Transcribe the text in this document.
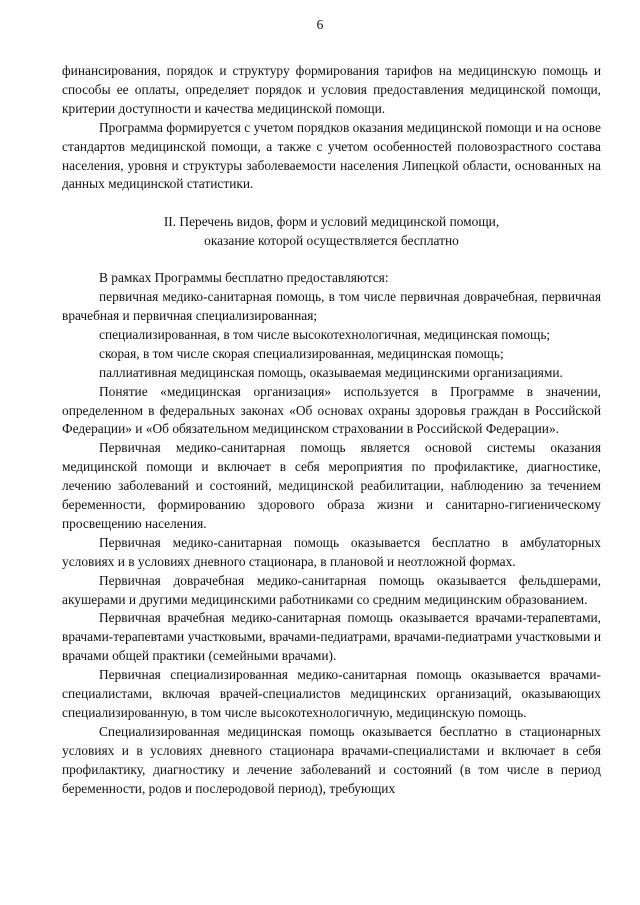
6

финансирования, порядок и структуру формирования тарифов на медицинскую помощь и способы ее оплаты, определяет порядок и условия предоставления медицинской помощи, критерии доступности и качества медицинской помощи.

Программа формируется с учетом порядков оказания медицинской помощи и на основе стандартов медицинской помощи, а также с учетом особенностей половозрастного состава населения, уровня и структуры заболеваемости населения Липецкой области, основанных на данных медицинской статистики.

II. Перечень видов, форм и условий медицинской помощи,
оказание которой осуществляется бесплатно

В рамках Программы бесплатно предоставляются:

первичная медико-санитарная помощь, в том числе первичная доврачебная, первичная врачебная и первичная специализированная;

специализированная, в том числе высокотехнологичная, медицинская помощь;

скорая, в том числе скорая специализированная, медицинская помощь;

паллиативная медицинская помощь, оказываемая медицинскими организациями.

Понятие «медицинская организация» используется в Программе в значении, определенном в федеральных законах «Об основах охраны здоровья граждан в Российской Федерации» и «Об обязательном медицинском страховании в Российской Федерации».

Первичная медико-санитарная помощь является основой системы оказания медицинской помощи и включает в себя мероприятия по профилактике, диагностике, лечению заболеваний и состояний, медицинской реабилитации, наблюдению за течением беременности, формированию здорового образа жизни и санитарно-гигиеническому просвещению населения.

Первичная медико-санитарная помощь оказывается бесплатно в амбулаторных условиях и в условиях дневного стационара, в плановой и неотложной формах.

Первичная доврачебная медико-санитарная помощь оказывается фельдшерами, акушерами и другими медицинскими работниками со средним медицинским образованием.

Первичная врачебная медико-санитарная помощь оказывается врачами-терапевтами, врачами-терапевтами участковыми, врачами-педиатрами, врачами-педиатрами участковыми и врачами общей практики (семейными врачами).

Первичная специализированная медико-санитарная помощь оказывается врачами-специалистами, включая врачей-специалистов медицинских организаций, оказывающих специализированную, в том числе высокотехнологичную, медицинскую помощь.

Специализированная медицинская помощь оказывается бесплатно в стационарных условиях и в условиях дневного стационара врачами-специалистами и включает в себя профилактику, диагностику и лечение заболеваний и состояний (в том числе в период беременности, родов и послеродовой период), требующих
